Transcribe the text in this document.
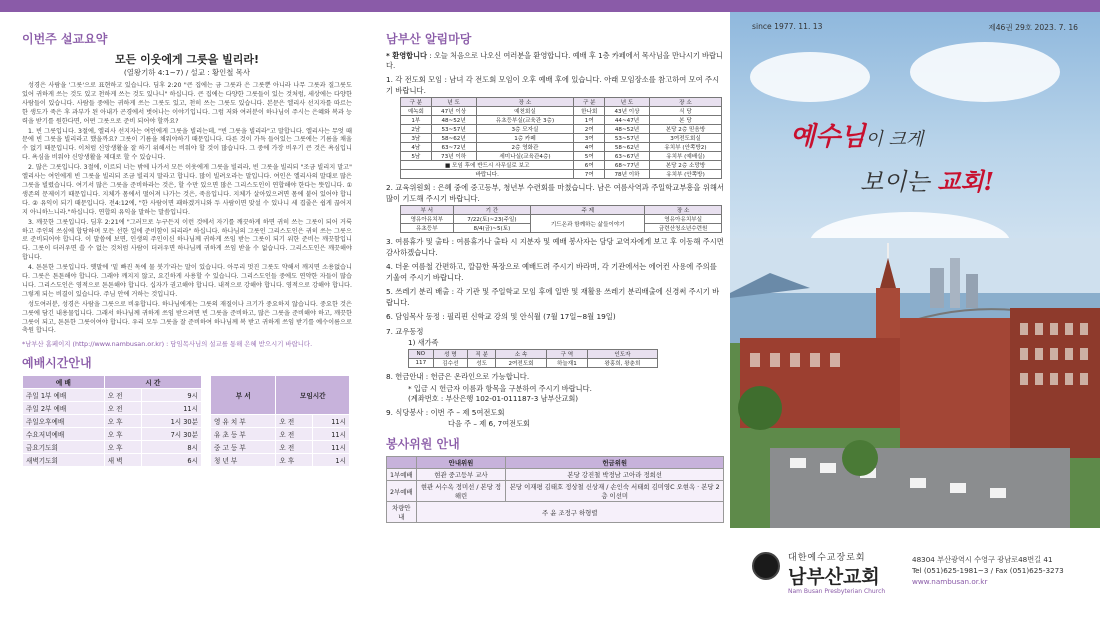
이번주 설교요약
모든 이웃에게 그릇을 빌리라!
(열왕기하 4:1~7) / 설교 : 황인철 목사

성경은 사람을 '그릇'으로 표현하고 있습니다. 딤후 2:20 "큰 집에는 금 그릇과 은 그릇뿐 아니라 나무 그릇과 질그릇도 있어 귀하게 쓰는 것도 있고 천하게 쓰는 것도 있나니" 하십니다. 큰 집에는 다양한 그릇들이 있는 것처럼, 세상에는 다양한 사람들이 있습니다. 사람들 중에는 귀하게 쓰는 그릇도 있고, 천히 쓰는 그릇도 있습니다. 본문은 엘리사 선지자를 따르는 한 생도가 죽은 후 과부가 된 아내가 곤경에서 벗어나는 이야기입니다. 그럼 저와 여러분이 하나님이 주시는 은혜와 복과 능력을 받기를 원한다면, 어떤 그릇으로 준비 되어야 할까요?

1. 빈 그릇입니다. 3절에, 엘리사 선지자는 여인에게 그릇을 빌리는데, "빈 그릇을 빌리라"고 말합니다. 엘리사는 무엇 때문에 빈 그릇을 빌리라고 했을까요? 그릇이 기름을 채워야하기 때문입니다. 다른 것이 가득 들어있는 그릇에는 기름을 채울 수 없기 때문입니다. 이처럼 신앙생활을 잘 하기 위해서는 비워야 할 것이 많습니다. 그 중에 가장 비우기 큰 것은 욕심입니다. 욕심을 비워야 신앙생활을 제대로 할 수 있습니다.

2. 많은 그릇입니다. 3절에, 이르되 너는 밖에 나가서 모든 이웃에게 그릇을 빌리라, 빈 그릇을 빌리되 "조금 빌리지 말고" 엘리사는 여인에게 빈 그릇을 빌리되 조금 빌리지 말라고 합니다. 많이 빌려오라는 말입니다. 여인은 엘리사의 말대로 많은 그릇을 빌렸습니다. 여기서 많은 그릇을 준비하라는 것은, 할 수만 있으면 많은 그리스도인이 연합해야 한다는 뜻입니다. ① 생존의 문제이기 때문입니다. 지체가 몸에서 떨어져 나가는 것은, 죽음입니다. 지체가 살아있으려면 몸에 붙어 있어야 합니다. ② 유익이 되기 때문입니다. 전4:12에, "한 사람이면 패하겠거니와 두 사람이면 맞설 수 있나니 세 겹줄은 쉽게 끊어지지 아니하느니라."하십니다. 연합의 유익을 말하는 말씀입니다.

3. 깨끗한 그릇입니다. 딤후 2:21에 "그러므로 누구든지 이런 것에서 자기를 깨끗하게 하면 귀히 쓰는 그릇이 되어 거룩하고 주인의 쓰심에 합당하며 모든 선한 일에 준비함이 되리라" 하십니다. 하나님의 그릇인 그리스도인은 귀히 쓰는 그릇으로 준비되어야 합니다. 이 말씀에 보면, 인생의 주인이신 하나님께 귀하게 쓰임 받는 그릇이 되기 위한 준비는 깨끗함입니다. 그릇이 더러우면 쓸 수 없는 것처럼 사람이 더러우면 하나님께 귀하게 쓰임 받을 수 없습니다. 그리스도인은 깨끗해야 합니다.

4. 튼튼한 그릇입니다. 옛말에 '밑 빠진 독에 물 붓기'라는 말이 있습니다. 아무리 멋진 그릇도 약해서 깨지면 소용없습니다. 그릇은 튼튼해야 합니다. 그래야 깨지지 않고, 요긴하게 사용할 수 있습니다. 그리스도인들 중에도 연약한 자들이 많습니다. 그리스도인은 영적으로 튼튼해야 합니다. 십자가 권고해야 합니다. 내적으로 강해야 합니다. 영적으로 강해야 합니다. 그렇게 되는 비결이 있습니다. 주님 안에 거하는 것입니다.

성도여러분, 성경은 사람을 그릇으로 비유합니다. 하나님에게는 그릇의 재질이나 크기가 중요하지 않습니다. 중요한 것은 그릇에 담긴 내용물입니다. 그래서 하나님께 귀하게 쓰임 받으려면 빈 그릇을 준비하고, 많은 그릇을 준비해야 하고, 깨끗한 그릇이 되고, 튼튼한 그릇이여야 합니다. 우리 모두 그릇을 잘 준비하여 하나님께 복 받고 귀하게 쓰임 받기를 예수이름으로 축원 합니다.

*남부산 홈페이지 (http://www.nambusan.or.kr) : 담임목사님의 설교를 통해 은혜 받으시기 바랍니다.
예배시간안내
예 배	시 간	
주일 1부 예배	오 전	9시
주일 2부 예배	오 전	11시
주일오후예배	오 후	1시 30분
수요저녁예배	오 후	7시 30분
금요기도회	오 후	8시
새벽기도회	새 벽	6시
부 서	모임시간	
영 유 치 부	오 전	11시
유 초 등 부	오 전	11시
중 고 등 부	오 전	11시
청 년 부	오 후	1시
남부산 알림마당
* 환영합니다 : 오늘 처음으로 나오신 여러분을 환영합니다. 예배 후 1층 카페에서 목사님을 만나시기 바랍니다.
1. 각 전도회 모임 : 남녀 각 전도회 모임이 오후 예배 후에 있습니다. 아래 모임장소를 참고하여 모여 주시기 바랍니다.
구 분	년 도	장 소	구 분	년 도	장 소
예녹회	47년 이상	예천회실	한나회	43년 이상	식 당
1부	48~52년	유초등부실(교육관 3층)	1여	44~47년	본 당
2남	53~57년	3층 모자실	2여	48~52년	본당 2층 믿음방
3남	58~62년	1층 카페	3여	53~57년	3여전도회실
4남	63~72년	2층 영화관	4여	58~62년	유치부 (안쪽방2)
5남	73년 이하	세미나실(교육관4층)	5여	63~67년	유치부 (예배실)
■ 모임 후에 반드시 사무실로 보고			6여	68~77년	본당 2층 소망방
바랍니다.			7여	78년 이하	유치부 (안쪽방)
2. 교육위원회 : 은혜 중에 중고등부, 청년부 수련회를 마쳤습니다. 남은 여름사역과 주일학교부흥을 위해서 많이 기도해 주시기 바랍니다.
부 서	기 간	주 제	장 소
영유아유치부	7/22(토)~23(주일)	기드온과 함께하는 삶들이야기	영유아유치부실
유초등부	8/4(금)~5(토)		금련산청소년수련원
3. 여름휴가 및 출타 : 여름휴가나 출타 시 지분자 및 예배 봉사자는 담당 교역자에게 보고 후 이동해 주시면 감사하겠습니다.
4. 더운 여름철 간편하고, 깔끔한 복장으로 예배드려 주시기 바라며, 각 기관에서는 에어컨 사용에 주의를 기울여 주시기 바랍니다.
5. 쓰레기 분리 배출 : 각 기관 및 주일학교 모임 후에 일반 및 재활용 쓰레기 분리배출에 신경써 주시기 바랍니다.
6. 담임목사 동정 : 필리핀 신학교 강의 및 안식월 (7월 17일~8월 19일)
7. 교우동정
1) 새가족
NO	성 명	직 분	소 속	구 역	인도자
117	김수선	성도	2여전도회	하늘재1	왕홍희, 왕춘희
8. 헌금안내 : 헌금은 온라인으로 가능합니다.
* 입금 시 헌금자 이름과 항목을 구분하여 주시기 바랍니다.
(계좌번호 : 부산은행 102-01-011187-3 남부산교회)
9. 식당봉사 : 이번 주 – 제 5여전도회
다음 주 – 제 6, 7여전도회
봉사위원 안내
	안내위원	헌금위원
1부예배	현관 중고등부 교사	본당 강진철 박정남 고아라 정희선
2부예배	현관 서수옥 정미선 / 본당 정해린	본당 이재평 김태호 정상철 신상재 / 손인숙 서태희 김미영C 오현옥 · 본당 2층 이선미
차량안내	주 윤 조정구 하형렬	
since 1977. 11. 13	제46권 29호 2023. 7. 16
예수님이 크게
보이는 교회!
대한예수교장로회
남부산교회
Nam Busan Presbyterian Church
48304 부산광역시 수영구 광남로48번길 41
Tel (051)625-1981~3 / Fax (051)625-3273
www.nambusan.or.kr
